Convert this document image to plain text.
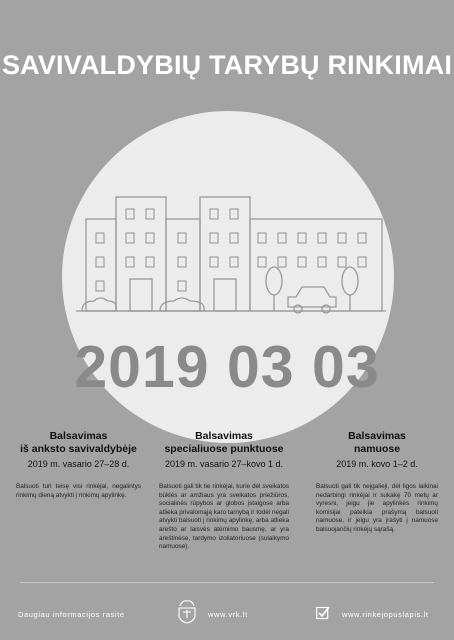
SAVIVALDYBIŲ TARYBŲ RINKIMAI
2019 03 03
Balsavimas
iš anksto savivaldybėje
2019 m. vasario 27–28 d.
Balsuoti turi teisę visi rinkėjai, negalintys rinkimų dieną atvykti į rinkimų apylinkę.
Balsavimas
specialiuose punktuose
2019 m. vasario 27–kovo 1 d.
Balsuoti gali tik tie rinkėjai, kurie dėl sveikatos būklės ar amžiaus yra sveikatos priežiūros, socialinės rūpybos ar globos įstaigose arba atlieka privalomąją karo tarnybą ir todėl negali atvykti balsuoti į rinkimų apylinkę, arba atlieka arešto ar laisvės atėmimo bausmę, ar yra areštinėse, tardymo izoliatoriuose (sulaikymo namuose).
Balsavimas
namuose
2019 m. kovo 1–2 d.
Balsuoti gali tik neįgalieji, dėl ligos laikinai nedarbingi rinkėjai ir sukakę 70 metų ar vyresni, jeigu jie apylinkės rinkimų komisijai pateikia prašymą balsuoti namuose, ir jeigu yra įrašyti į namuose balsuojančių rinkėjų sąrašą.
Daugiau informacijos rasite	www.vrk.lt	www.rinkejopuslapis.lt
